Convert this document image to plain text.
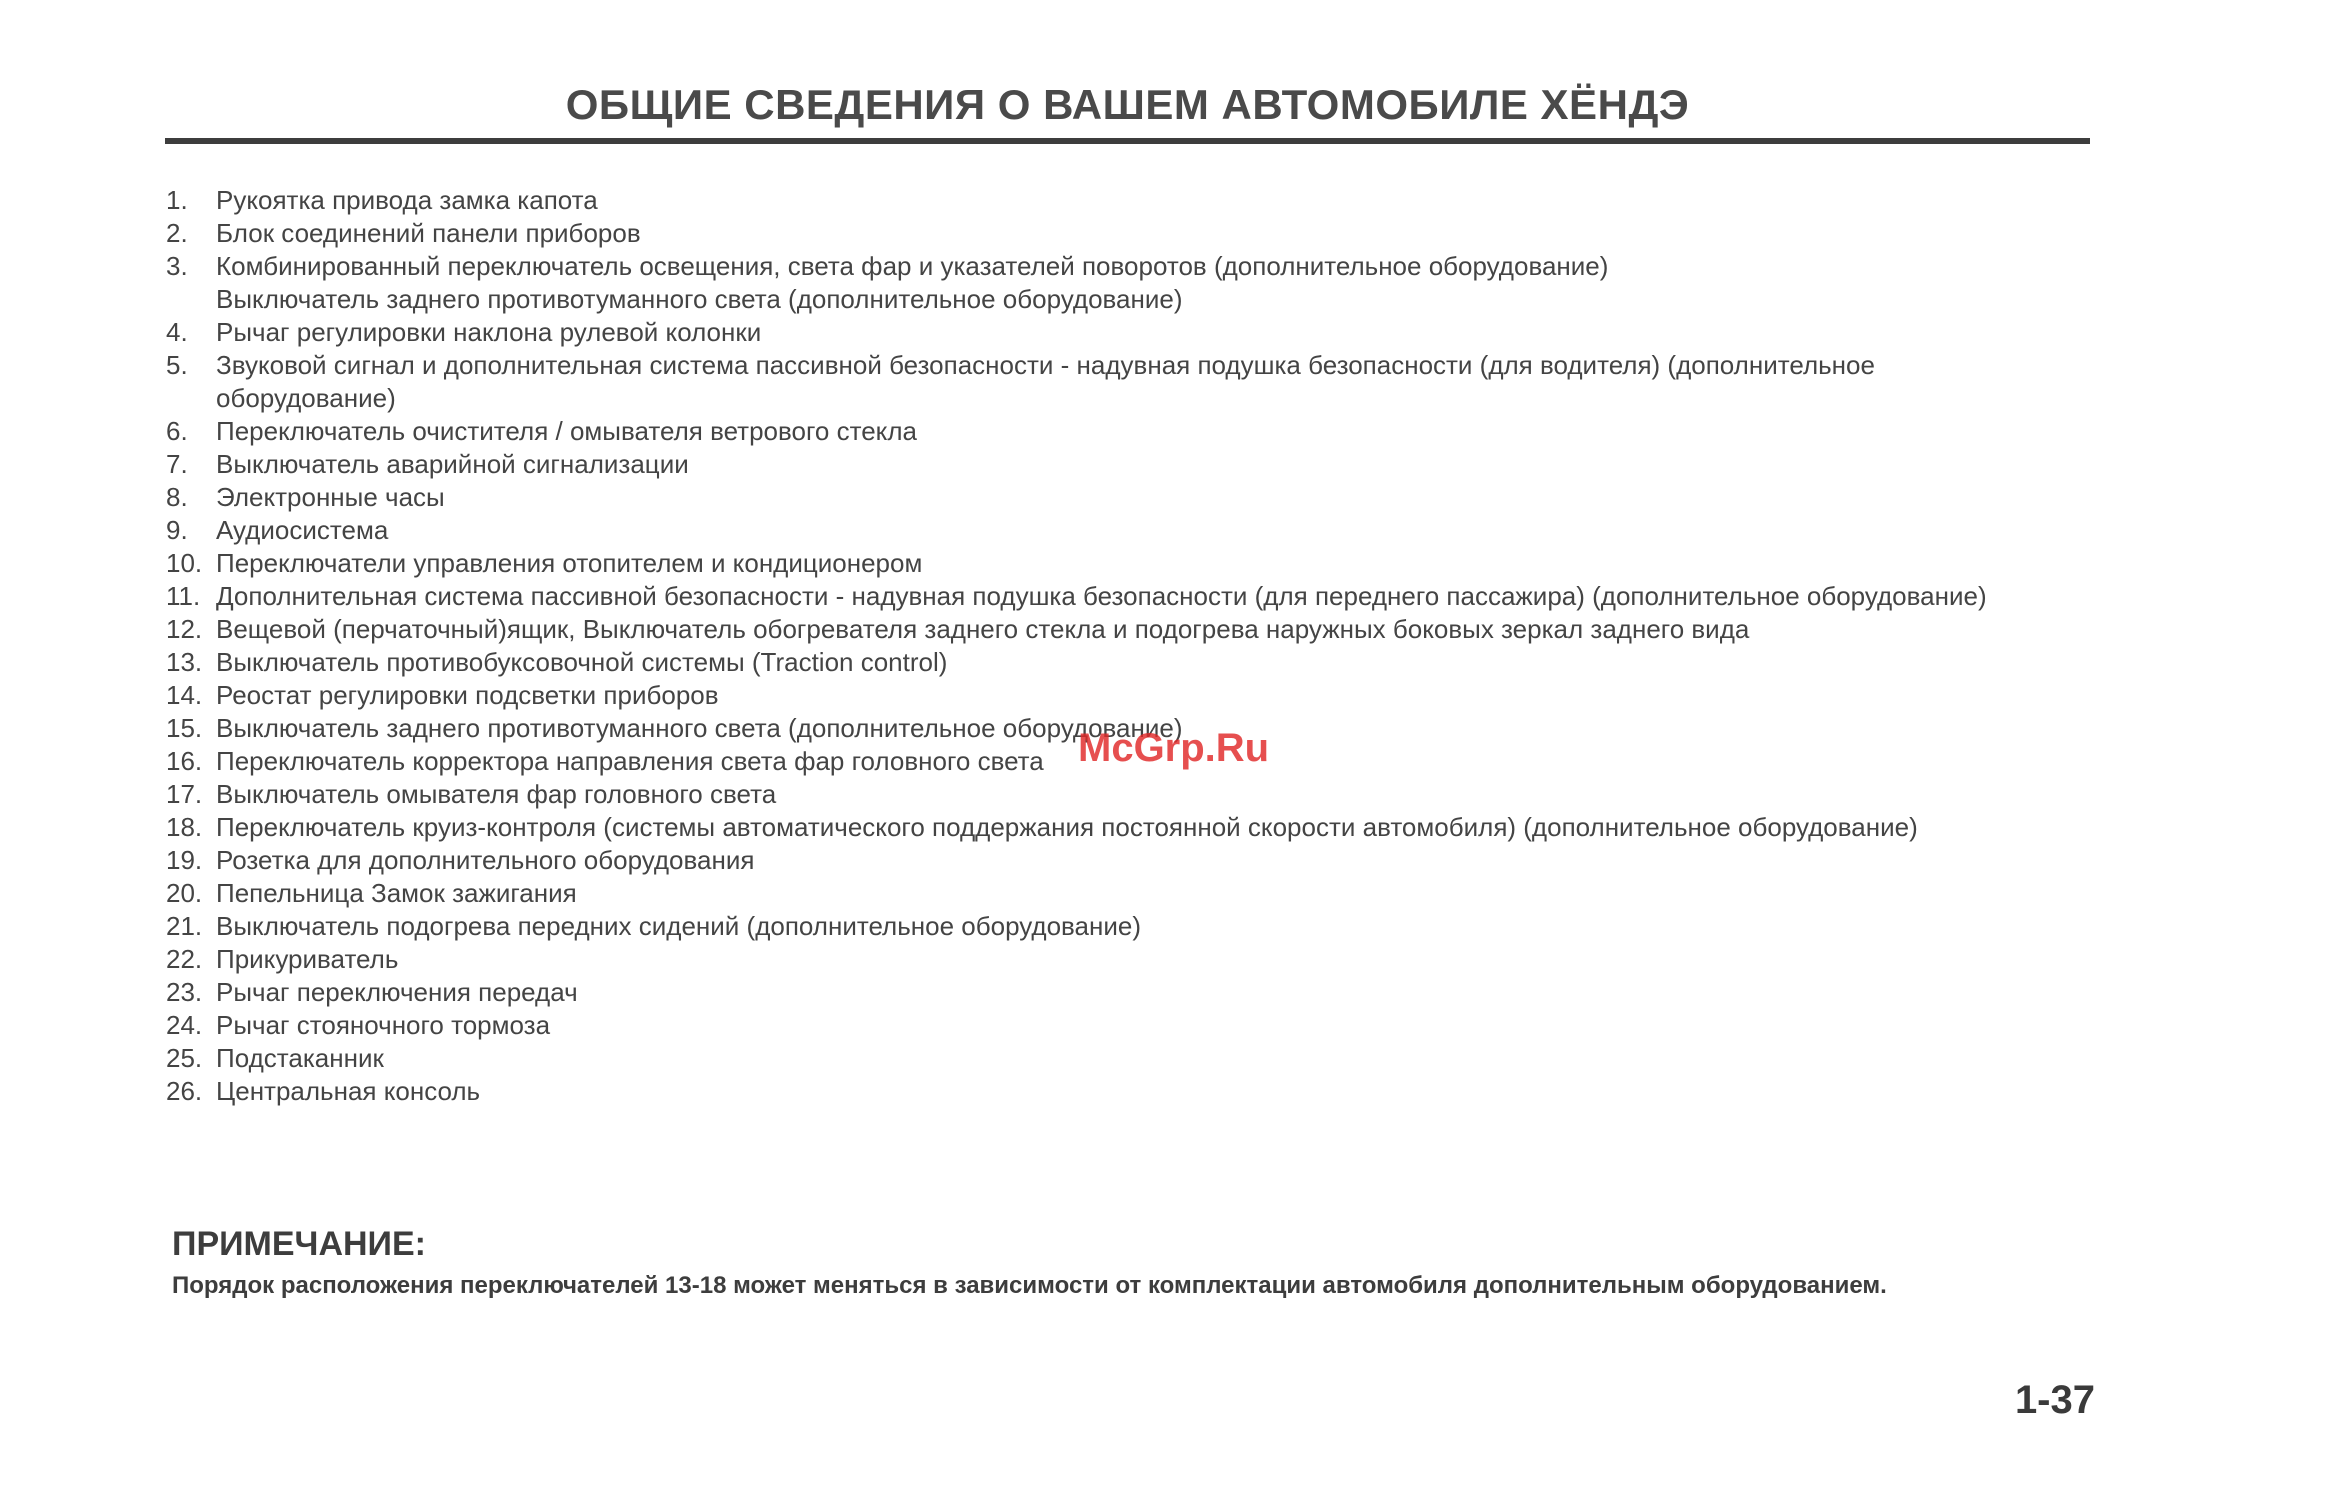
ОБЩИЕ СВЕДЕНИЯ О ВАШЕМ АВТОМОБИЛЕ ХЁНДЭ
1.	Рукоятка привода замка капота
2.	Блок соединений панели приборов
3.	Комбинированный переключатель освещения, света фар и указателей поворотов (дополнительное оборудование)
Выключатель заднего противотуманного света (дополнительное оборудование)
4.	Рычаг регулировки наклона рулевой колонки
5.	Звуковой сигнал и дополнительная система пассивной безопасности - надувная подушка безопасности (для водителя) (дополнительное оборудование)
6.	Переключатель очистителя / омывателя ветрового стекла
7.	Выключатель аварийной сигнализации
8.	Электронные часы
9.	Аудиосистема
10. Переключатели управления отопителем и кондиционером
11. Дополнительная система пассивной безопасности - надувная подушка безопасности (для переднего пассажира) (дополнительное оборудование)
12. Вещевой (перчаточный)ящик, Выключатель обогревателя заднего стекла и подогрева наружных боковых зеркал заднего вида
13. Выключатель противобуксовочной системы (Traction control)
14. Реостат регулировки подсветки приборов
15. Выключатель заднего противотуманного света (дополнительное оборудование)
16. Переключатель корректора направления света фар головного света
17. Выключатель омывателя фар головного света
18. Переключатель круиз-контроля (системы автоматического поддержания постоянной скорости автомобиля) (дополнительное оборудование)
19. Розетка для дополнительного оборудования
20. Пепельница Замок зажигания
21. Выключатель подогрева передних сидений (дополнительное оборудование)
22. Прикуриватель
23. Рычаг переключения передач
24. Рычаг стояночного тормоза
25. Подстаканник
26. Центральная консоль
McGrp.Ru
ПРИМЕЧАНИЕ:
Порядок расположения переключателей 13-18 может меняться в зависимости от комплектации автомобиля дополнительным оборудованием.
1-37
